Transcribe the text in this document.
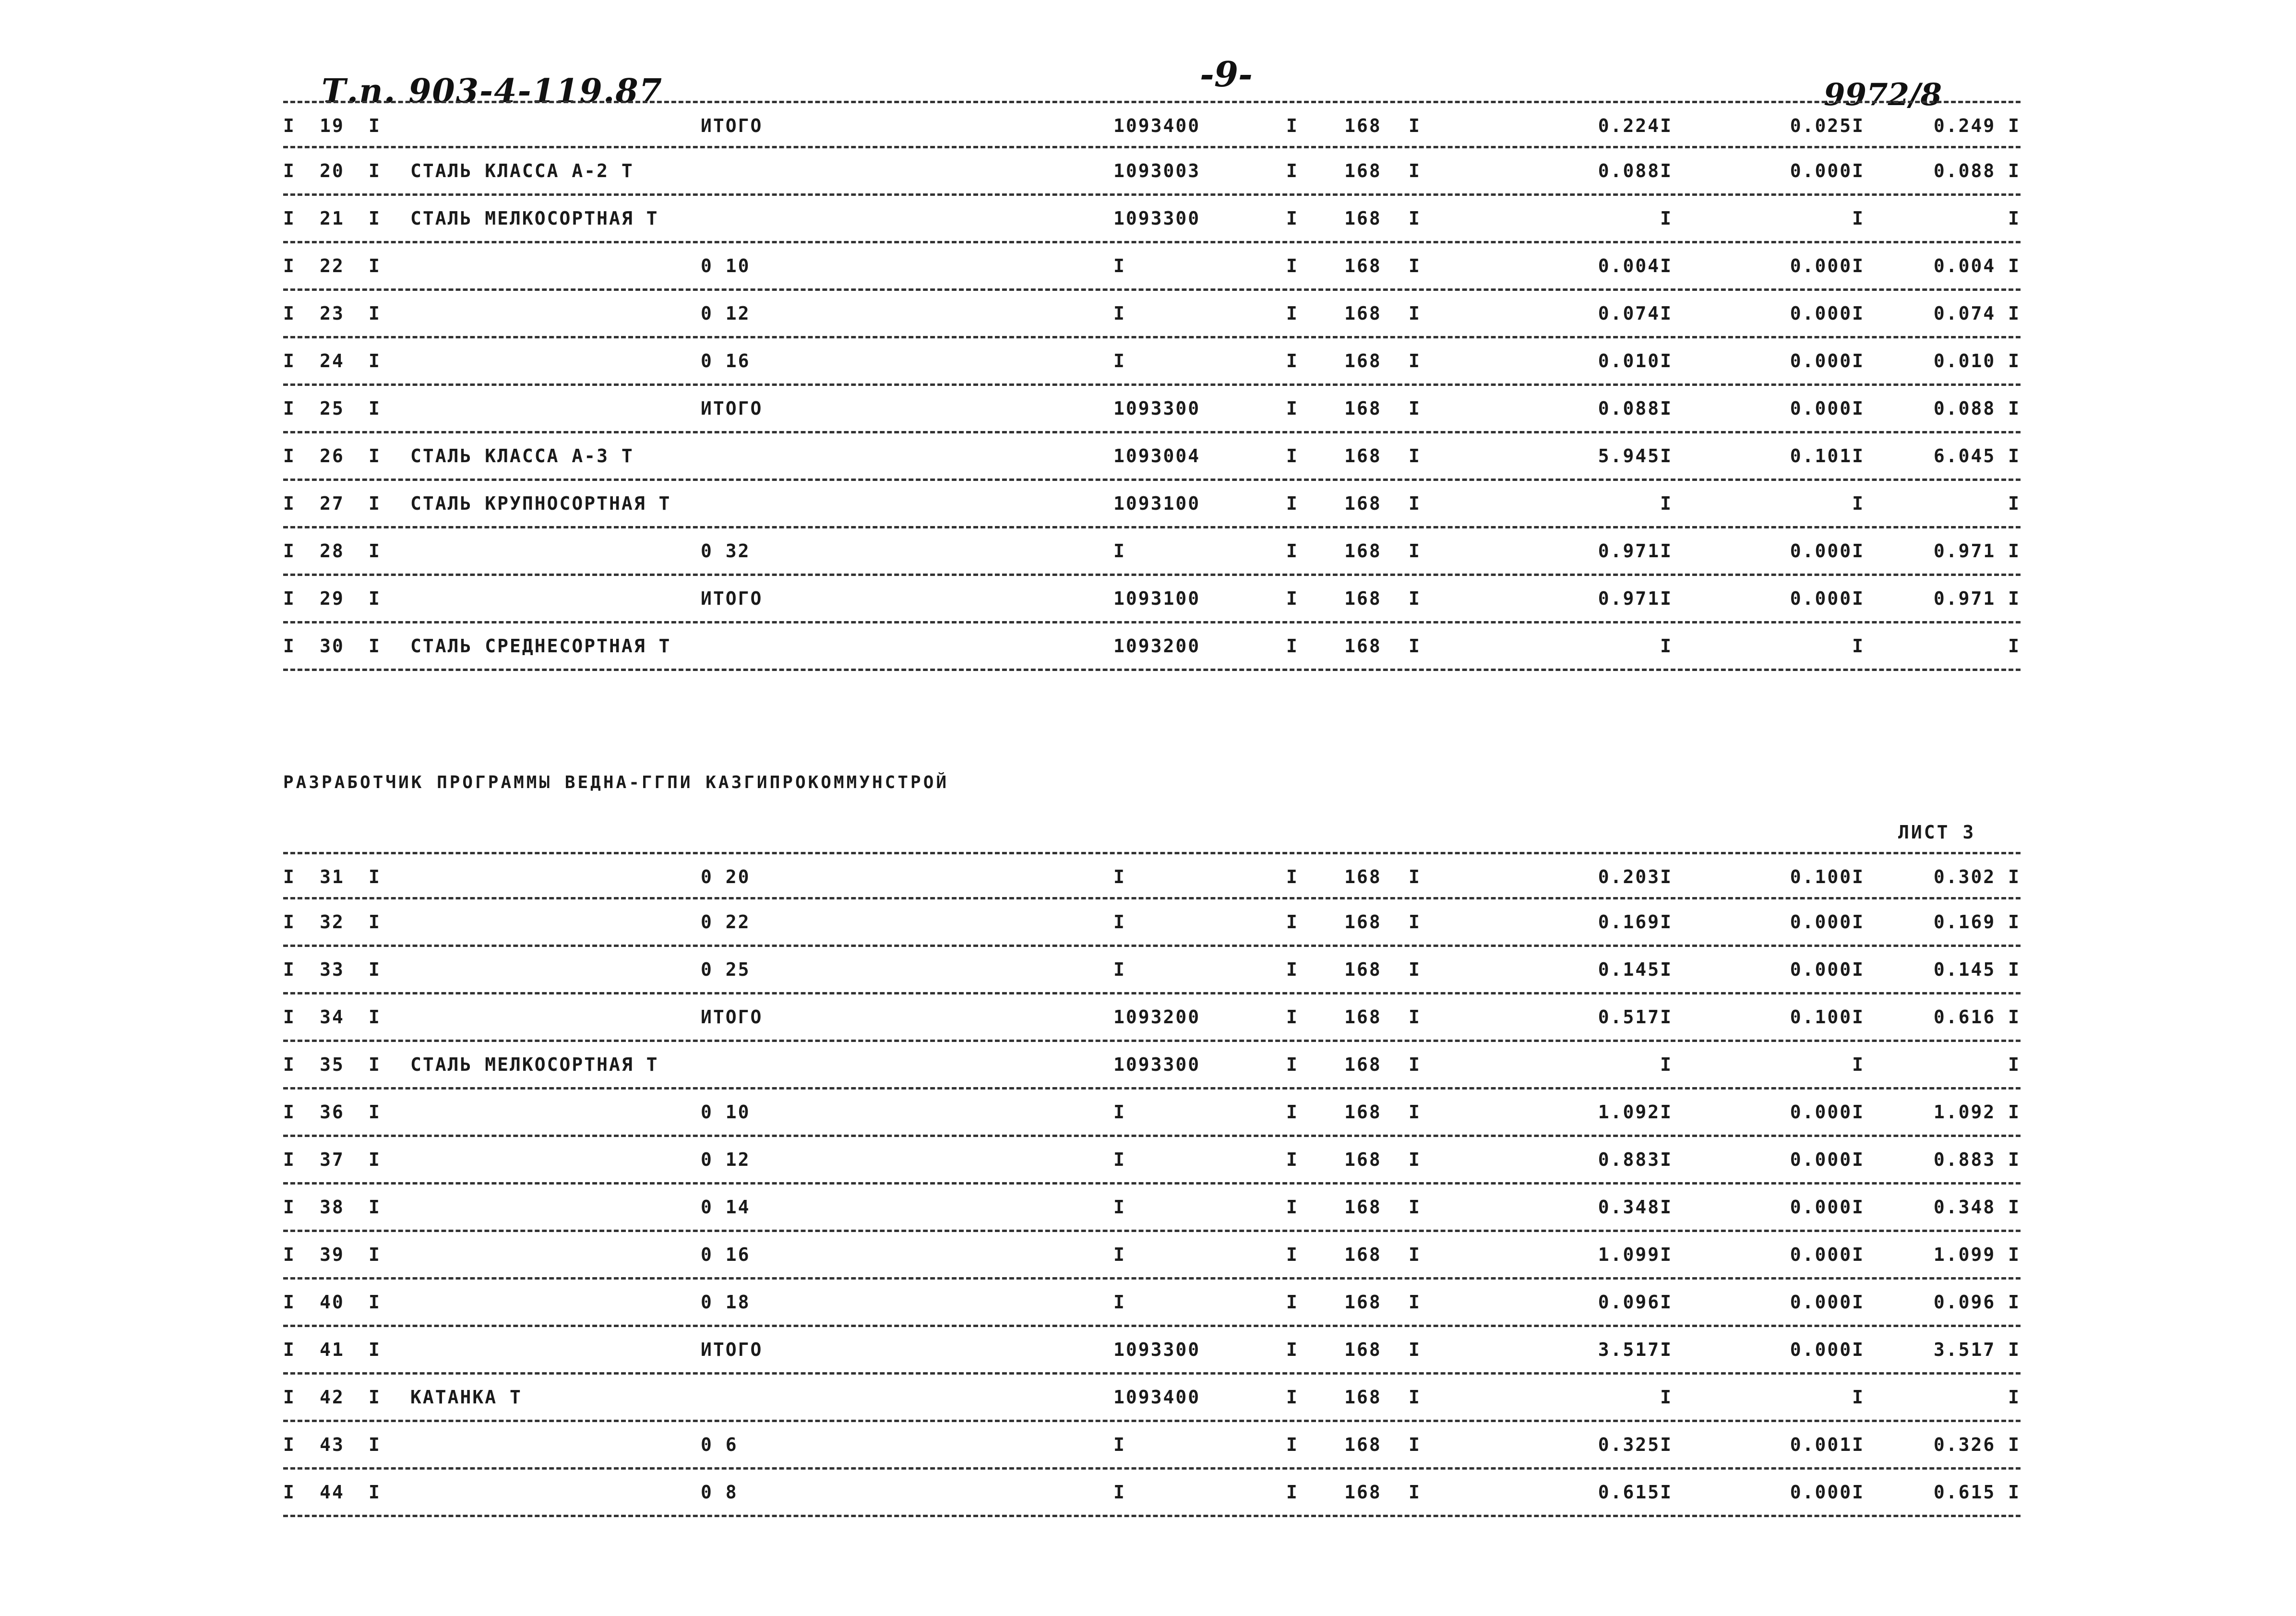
Т.п. 903-4-119.87	-9-
9972/8
I	19	I	ИТОГО	1093400	I	168	I	0.224I	0.025I	0.249 I
I	20	I СТАЛЬ КЛАССА А-2 Т	1093003	I	168	I	0.088I	0.000I	0.088 I
I	21	I СТАЛЬ МЕЛКОСОРТНАЯ Т	1093300	I	168	I	I	I	I
I	22	I	0 10	I	I	168	I	0.004I	0.000I	0.004 I
I	23	I	0 12	I	I	168	I	0.074I	0.000I	0.074 I
I	24	I	0 16	I	I	168	I	0.010I	0.000I	0.010 I
I	25	I	ИТОГО	1093300	I	168	I	0.088I	0.000I	0.088 I
I	26	I СТАЛЬ КЛАССА А-3 Т	1093004	I	168	I	5.945I	0.101I	6.045 I
I	27	I СТАЛЬ КРУПНОСОРТНАЯ Т	1093100	I	168	I	I	I	I
I	28	I	0 32	I	I	168	I	0.971I	0.000I	0.971 I
I	29	I	ИТОГО	1093100	I	168	I	0.971I	0.000I	0.971 I
I	30	I СТАЛЬ СРЕДНЕСОРТНАЯ Т	1093200	I	168	I	I	I	I
РАЗРАБОТЧИК ПРОГРАММЫ ВЕДНА-ГГПИ КАЗГИПРОКОММУНСТРОЙ
ЛИСТ 3
I	31	I	0 20	I	I	168	I	0.203I	0.100I	0.302 I
I	32	I	0 22	I	I	168	I	0.169I	0.000I	0.169 I
I	33	I	0 25	I	I	168	I	0.145I	0.000I	0.145 I
I	34	I	ИТОГО	1093200	I	168	I	0.517I	0.100I	0.616 I
I	35	I СТАЛЬ МЕЛКОСОРТНАЯ Т	1093300	I	168	I	I	I	I
I	36	I	0 10	I	I	168	I	1.092I	0.000I	1.092 I
I	37	I	0 12	I	I	168	I	0.883I	0.000I	0.883 I
I	38	I	0 14	I	I	168	I	0.348I	0.000I	0.348 I
I	39	I	0 16	I	I	168	I	1.099I	0.000I	1.099 I
I	40	I	0 18	I	I	168	I	0.096I	0.000I	0.096 I
I	41	I	ИТОГО	1093300	I	168	I	3.517I	0.000I	3.517 I
I	42	I КАТАНКА Т	1093400	I	168	I	I	I	I
I	43	I	0 6	I	I	168	I	0.325I	0.001I	0.326 I
I	44	I	0 8	I	I	168	I	0.615I	0.000I	0.615 I
